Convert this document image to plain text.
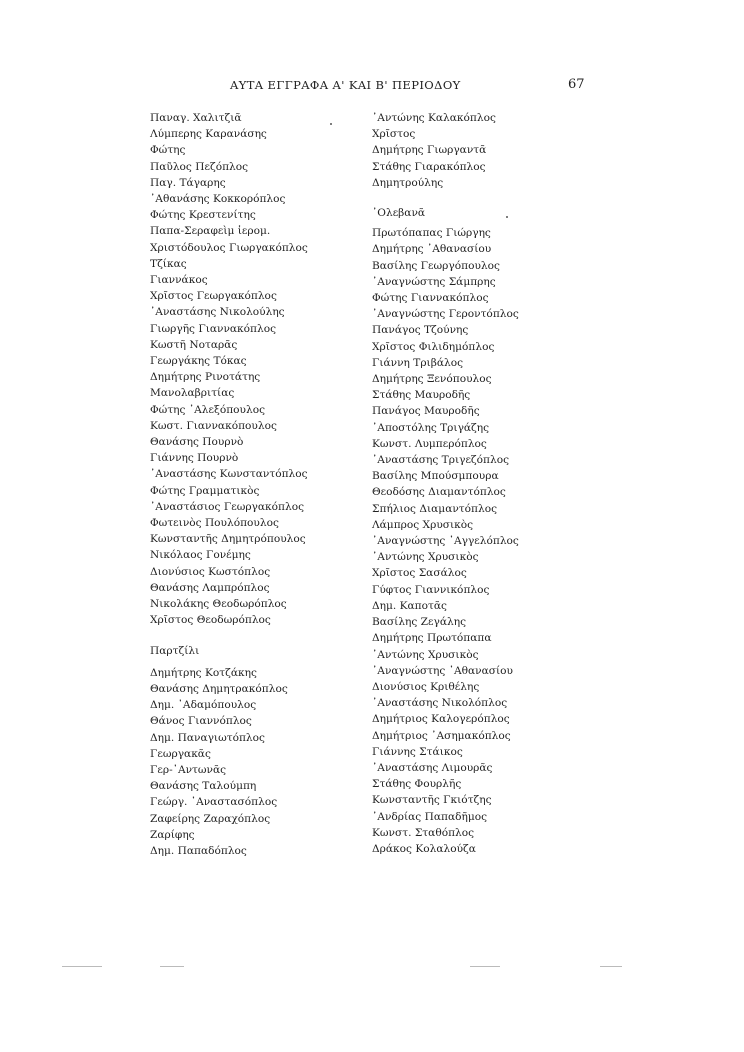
ΑΥΤΑ ΕΓΓΡΑΦΑ Α' ΚΑΙ Β' ΠΕΡΙΟΔΟΥ	67
Παναγ. Χαλιτζιᾶ
Λύμπερης Καρανάσης
Φώτης
Παῦλος Πεζόπλος
Παγ. Τάγαρης
᾿Αθανάσης Κοκκορόπλος
Φώτης Κρεστενίτης
Παπα-Σεραφεὶμ ἱερομ.
Χριστόδουλος Γιωργακόπλος
Τζίκας
Γιαννάκος
Χρῖστος Γεωργακόπλος
᾿Αναστάσης Νικολούλης
Γιωργῆς Γιαννακόπλος
Κωστῆ Νοταρᾶς
Γεωργάκης Τόκας
Δημήτρης Ρινοτάτης
Μανολαβριτίας
Φώτης ᾿Αλεξόπουλος
Κωστ. Γιαννακόπουλος
Θανάσης Πουρνὸ
Γιάννης Πουρνὸ
᾿Αναστάσης Κωνσταντόπλος
Φώτης Γραμματικὸς
᾿Αναστάσιος Γεωργακόπλος
Φωτεινὸς Πουλόπουλος
Κωνσταντῆς Δημητρόπουλος
Νικόλαος Γονέμης
Διονύσιος Κωστόπλος
Θανάσης Λαμπρόπλος
Νικολάκης Θεοδωρόπλος
Χρῖστος Θεοδωρόπλος
Παρτζίλι
Δημήτρης Κοτζάκης
Θανάσης Δημητρακόπλος
Δημ. ᾿Αδαμόπουλος
Θάνος Γιαννόπλος
Δημ. Παναγιωτόπλος
Γεωργακᾶς
Γερ-᾿Αντωνᾶς
Θανάσης Ταλούμπη
Γεώργ. ᾿Αναστασόπλος
Ζαφείρης Ζαραχόπλος
Ζαρίφης
Δημ. Παπαδόπλος
᾿Αντώνης Καλακόπλος
Χρῖστος
Δημήτρης Γιωργαντᾶ
Στάθης Γιαρακόπλος
Δημητρούλης
᾿Ολεβανᾶ
Πρωτόπαπας Γιώργης
Δημήτρης ᾿Αθανασίου
Βασίλης Γεωργόπουλος
᾿Αναγνώστης Σάμπρης
Φώτης Γιαννακόπλος
᾿Αναγνώστης Γεροντόπλος
Πανάγος Τζούνης
Χρῖστος Φιλιδημόπλος
Γιάννη Τριβάλος
Δημήτρης Ξενόπουλος
Στάθης Μαυροδῆς
Πανάγος Μαυροδῆς
᾿Αποστόλης Τριγάζης
Κωνστ. Λυμπερόπλος
᾿Αναστάσης Τριγεζόπλος
Βασίλης Μπούσμπουρα
Θεοδόσης Διαμαντόπλος
Σπήλιος Διαμαντόπλος
Λάμπρος Χρυσικὸς
᾿Αναγνώστης ᾿Αγγελόπλος
᾿Αντώνης Χρυσικὸς
Χρῖστος Σασάλος
Γύφτος Γιαννικόπλος
Δημ. Καποτᾶς
Βασίλης Ζεγάλης
Δημήτρης Πρωτόπαπα
᾿Αντώνης Χρυσικὸς
᾿Αναγνώστης ᾿Αθανασίου
Διονύσιος Κριθέλης
᾿Αναστάσης Νικολόπλος
Δημήτριος Καλογερόπλος
Δημήτριος ᾿Ασημακόπλος
Γιάννης Στάικος
᾿Αναστάσης Λιμουρᾶς
Στάθης Φουρλῆς
Κωνσταντῆς Γκιότζης
᾿Ανδρίας Παπαδῆμος
Κωνστ. Σταθόπλος
Δράκος Κολαλούζα
